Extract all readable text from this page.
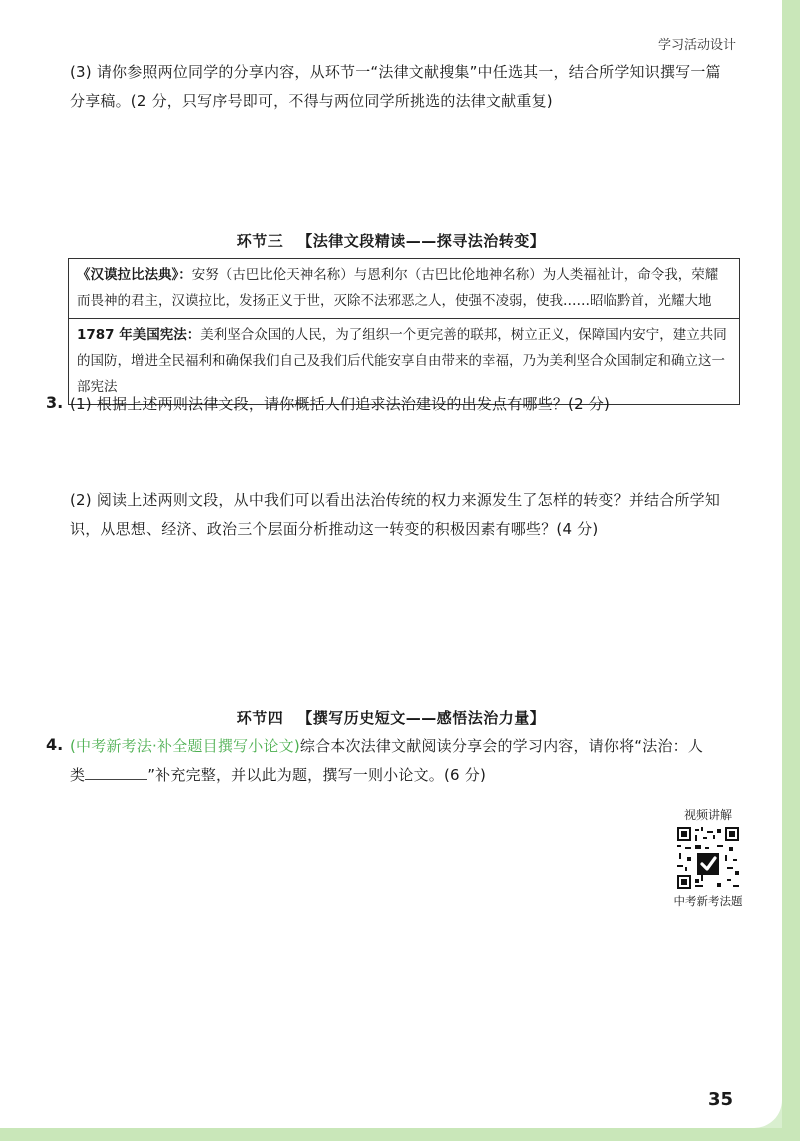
学习活动设计
(3) 请你参照两位同学的分享内容，从环节一“法律文献搜集”中任选其一，结合所学知识撰写一篇
分享稿。(2 分，只写序号即可，不得与两位同学所挑选的法律文献重复)
环节三 【法律文段精读——探寻法治转变】
《汉谟拉比法典》：安努（古巴比伦天神名称）与恩利尔（古巴比伦地神名称）为人类福祉计，命令我，荣耀而畏神的君主，汉谟拉比，发扬正义于世，灭除不法邪恶之人，使强不凌弱，使我……昭临黔首，光耀大地
1787 年美国宪法：美利坚合众国的人民，为了组织一个更完善的联邦，树立正义，保障国内安宁，建立共同的国防，增进全民福利和确保我们自己及我们后代能安享自由带来的幸福，乃为美利坚合众国制定和确立这一部宪法
3. (1) 根据上述两则法律文段，请你概括人们追求法治建设的出发点有哪些？(2 分)
(2) 阅读上述两则文段，从中我们可以看出法治传统的权力来源发生了怎样的转变？并结合所学知
识，从思想、经济、政治三个层面分析推动这一转变的积极因素有哪些？(4 分)
环节四 【撰写历史短文——感悟法治力量】
4. (中考新考法·补全题目撰写小论文)综合本次法律文献阅读分享会的学习内容，请你将“法治：人
类	”补充完整，并以此为题，撰写一则小论文。(6 分)
视频讲解
中考新考法题
35
